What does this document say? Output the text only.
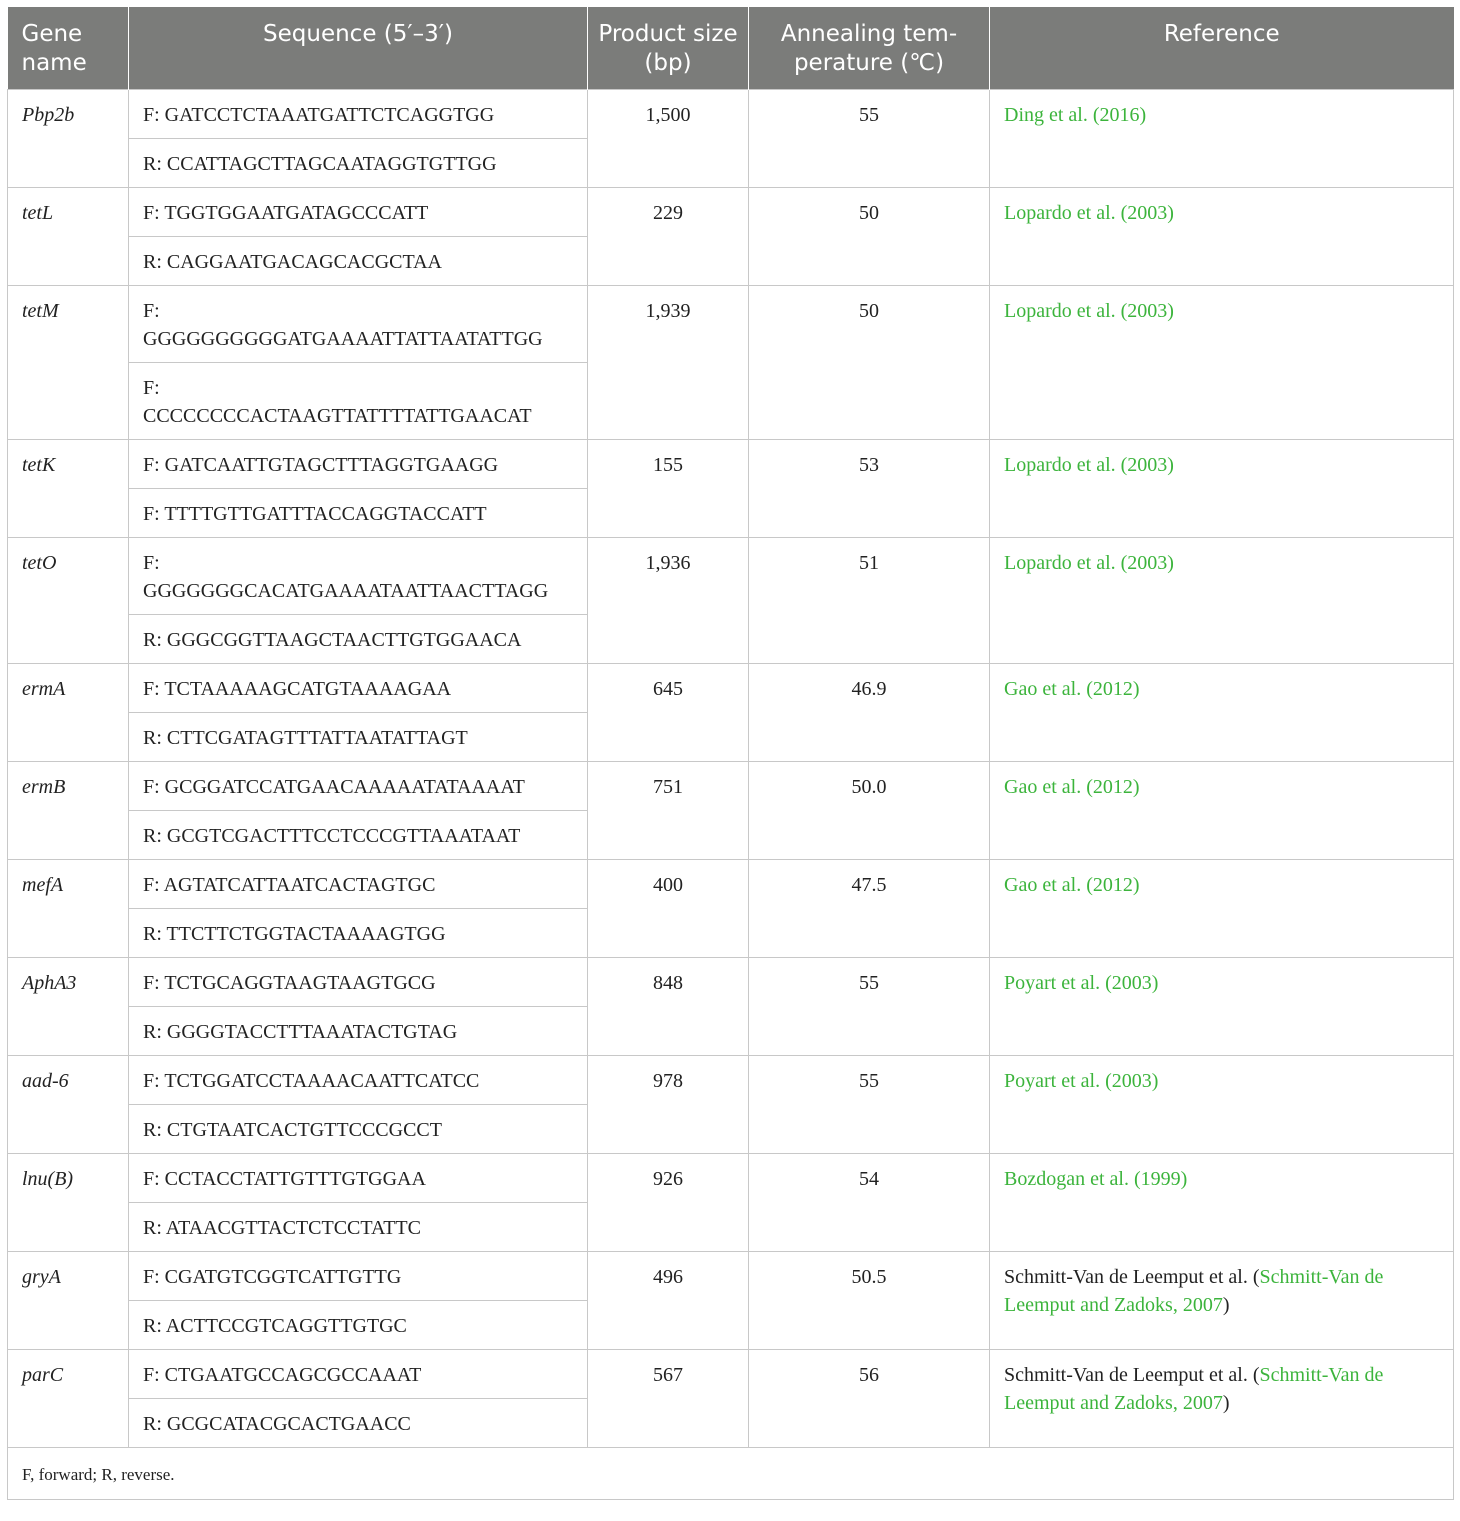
Gene name	Sequence (5′–3′)	Product size (bp)	Annealing tem-perature (℃)	Reference
Pbp2b	F: GATCCTCTAAATGATTCTCAGGTGG	1,500	55	Ding et al. (2016)
	R: CCATTAGCTTAGCAATAGGTGTTGG			
tetL	F: TGGTGGAATGATAGCCCATT	229	50	Lopardo et al. (2003)
	R: CAGGAATGACAGCACGCTAA			
tetM	F:
GGGGGGGGGGATGAAAATTATTAATATTGG	1,939	50	Lopardo et al. (2003)
	F:
CCCCCCCCACTAAGTTATTTTATTGAACAT			
tetK	F: GATCAATTGTAGCTTTAGGTGAAGG	155	53	Lopardo et al. (2003)
	F: TTTTGTTGATTTACCAGGTACCATT			
tetO	F:
GGGGGGGCACATGAAAATAATTAACTTAGG	1,936	51	Lopardo et al. (2003)
	R: GGGCGGTTAAGCTAACTTGTGGAACA			
ermA	F: TCTAAAAAGCATGTAAAAGAA	645	46.9	Gao et al. (2012)
	R: CTTCGATAGTTTATTAATATTAGT			
ermB	F: GCGGATCCATGAACAAAAATATAAAAT	751	50.0	Gao et al. (2012)
	R: GCGTCGACTTTCCTCCCGTTAAATAAT			
mefA	F: AGTATCATTAATCACTAGTGC	400	47.5	Gao et al. (2012)
	R: TTCTTCTGGTACTAAAAGTGG			
AphA3	F: TCTGCAGGTAAGTAAGTGCG	848	55	Poyart et al. (2003)
	R: GGGGTACCTTTAAATACTGTAG			
aad-6	F: TCTGGATCCTAAAACAATTCATCC	978	55	Poyart et al. (2003)
	R: CTGTAATCACTGTTCCCGCCT			
lnu(B)	F: CCTACCTATTGTTTGTGGAA	926	54	Bozdogan et al. (1999)
	R: ATAACGTTACTCTCCTATTC			
gryA	F: CGATGTCGGTCATTGTTG	496	50.5	Schmitt-Van de Leemput et al. (Schmitt-Van de Leemput and Zadoks, 2007)
	R: ACTTCCGTCAGGTTGTGC			
parC	F: CTGAATGCCAGCGCCAAAT	567	56	Schmitt-Van de Leemput et al. (Schmitt-Van de Leemput and Zadoks, 2007)
	R: GCGCATACGCACTGAACC			
F, forward; R, reverse.				
